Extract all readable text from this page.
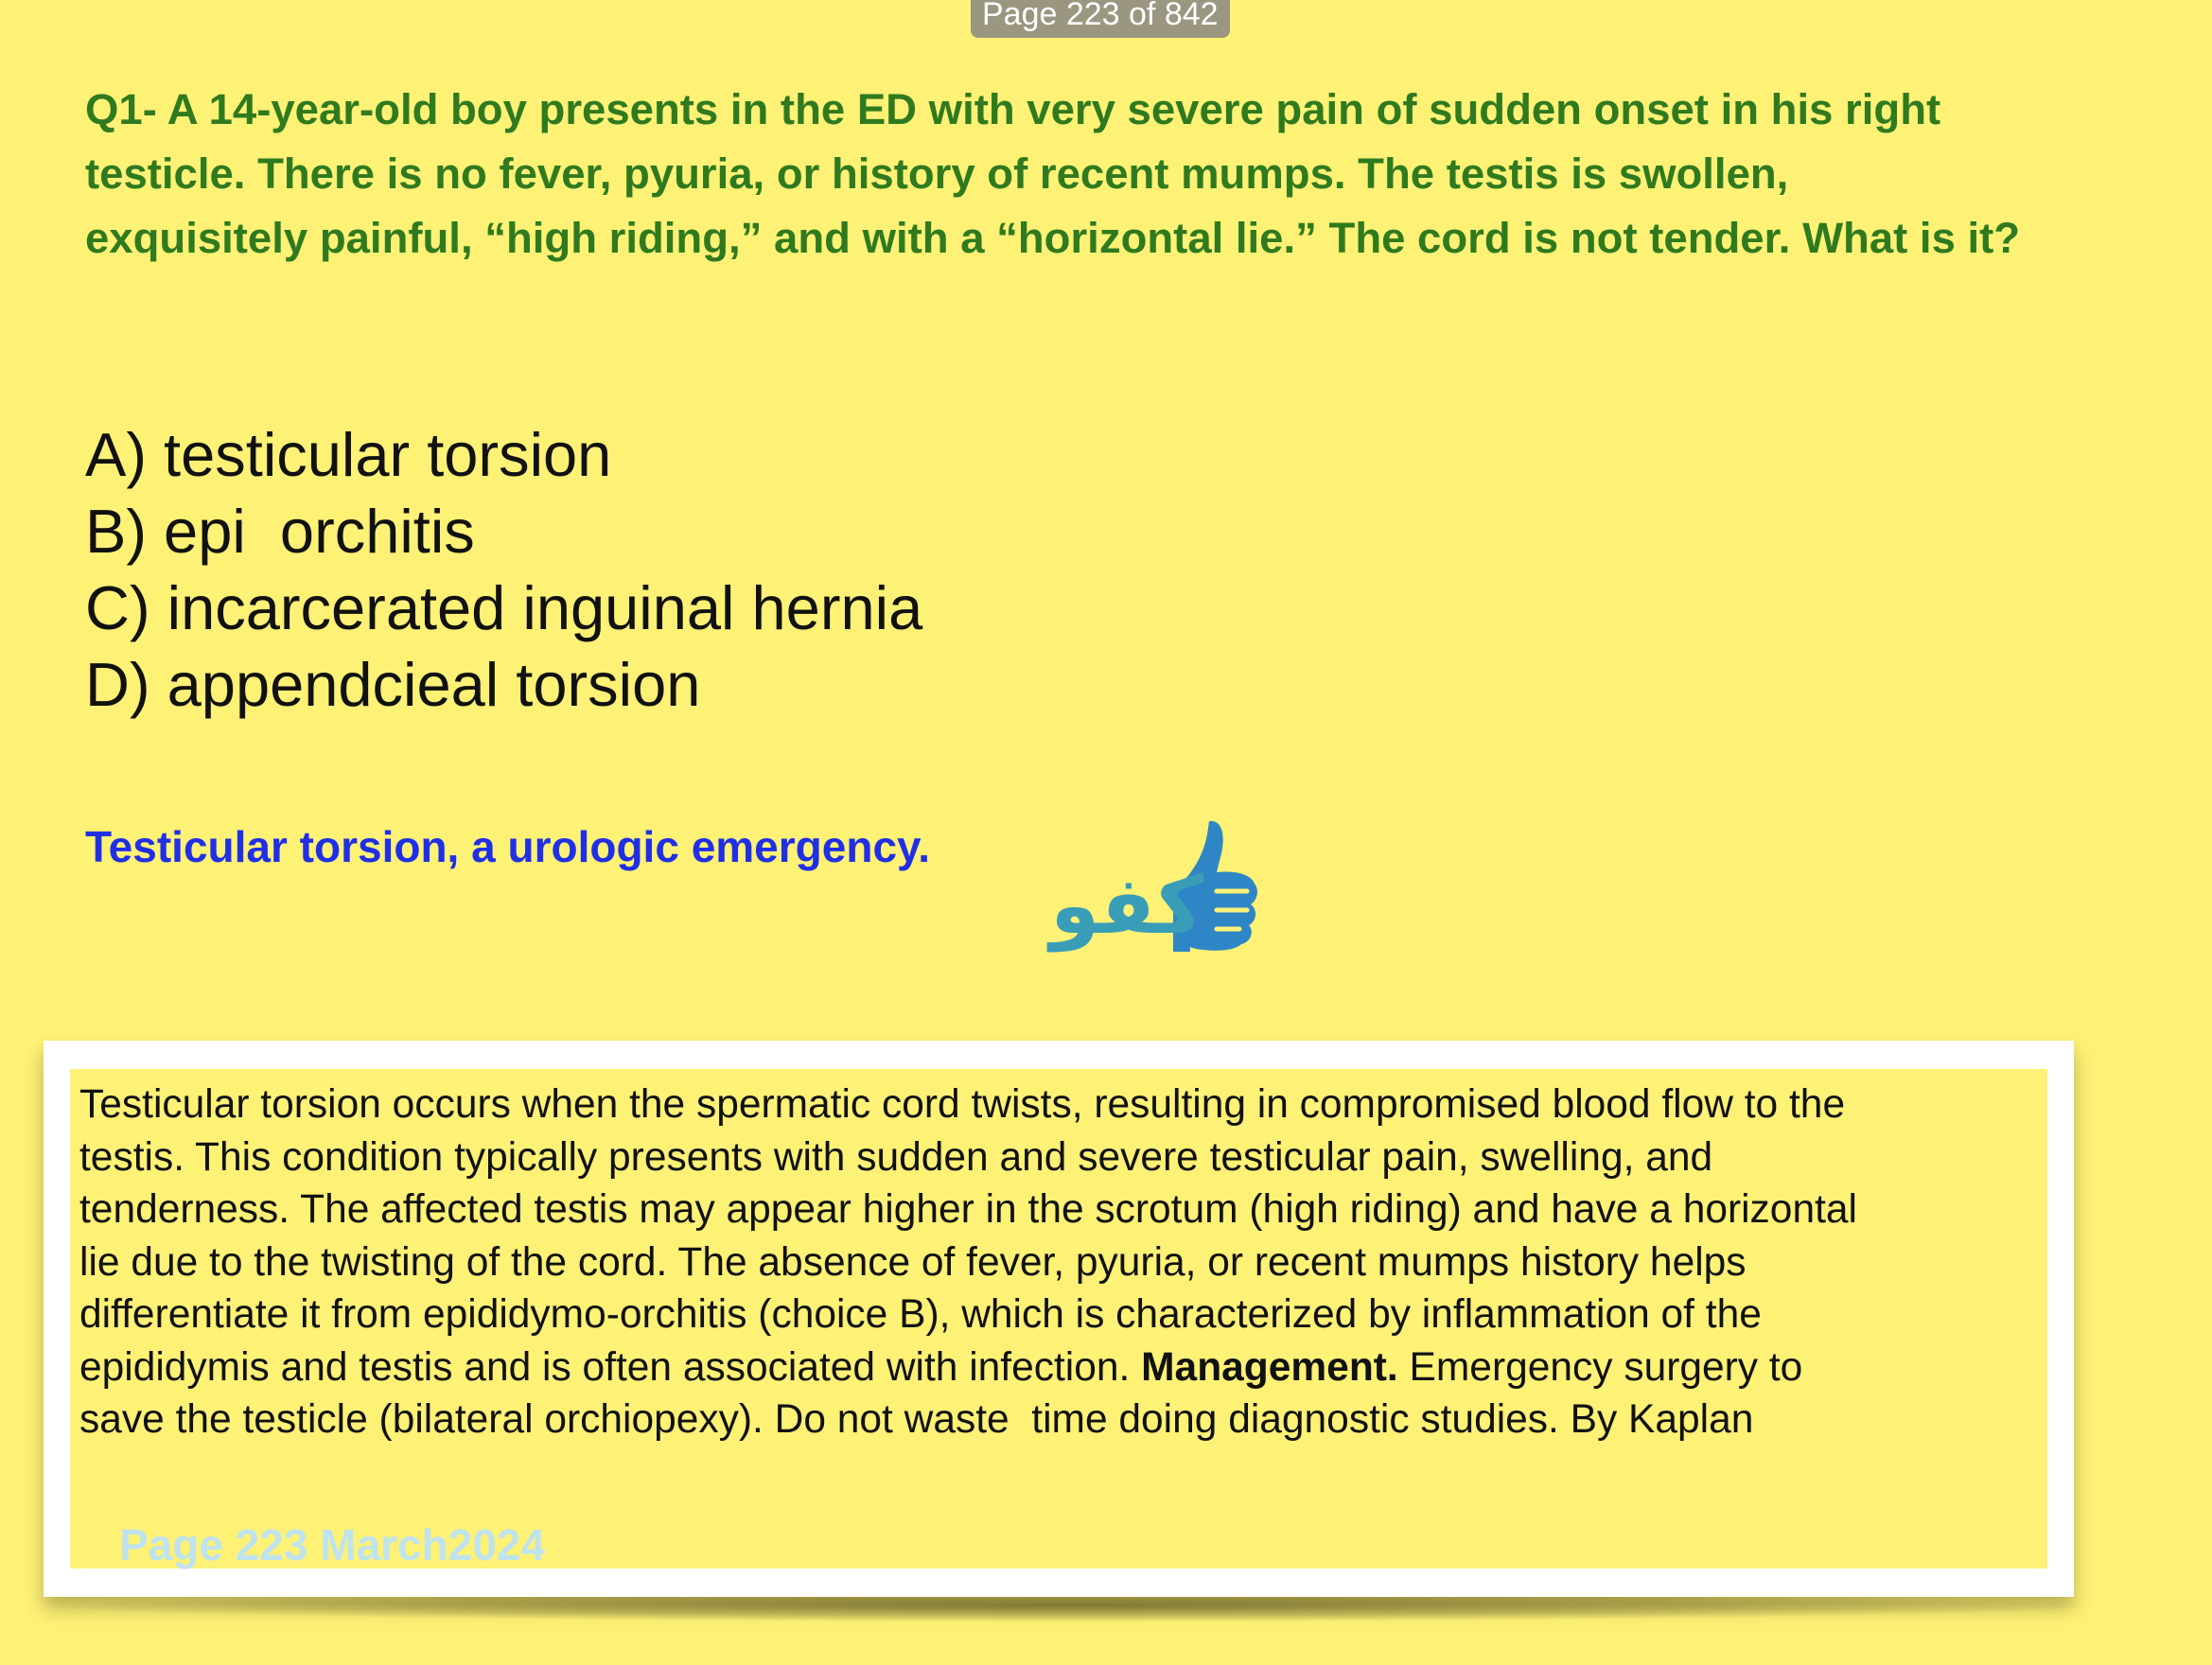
Page 223 of 842
Q1- A 14-year-old boy presents in the ED with very severe pain of sudden onset in his right
testicle. There is no fever, pyuria, or history of recent mumps. The testis is swollen,
exquisitely painful, “high riding,” and with a “horizontal lie.” The cord is not tender. What is it?
A) testicular torsion
B) epi  orchitis
C) incarcerated inguinal hernia
D) appendcieal torsion
Testicular torsion, a urologic emergency.
كفو
Testicular torsion occurs when the spermatic cord twists, resulting in compromised blood flow to the
testis. This condition typically presents with sudden and severe testicular pain, swelling, and
tenderness. The affected testis may appear higher in the scrotum (high riding) and have a horizontal
lie due to the twisting of the cord. The absence of fever, pyuria, or recent mumps history helps
differentiate it from epididymo-orchitis (choice B), which is characterized by inflammation of the
epididymis and testis and is often associated with infection. Management. Emergency surgery to
save the testicle (bilateral orchiopexy). Do not waste  time doing diagnostic studies. By Kaplan
Page 223 March2024
